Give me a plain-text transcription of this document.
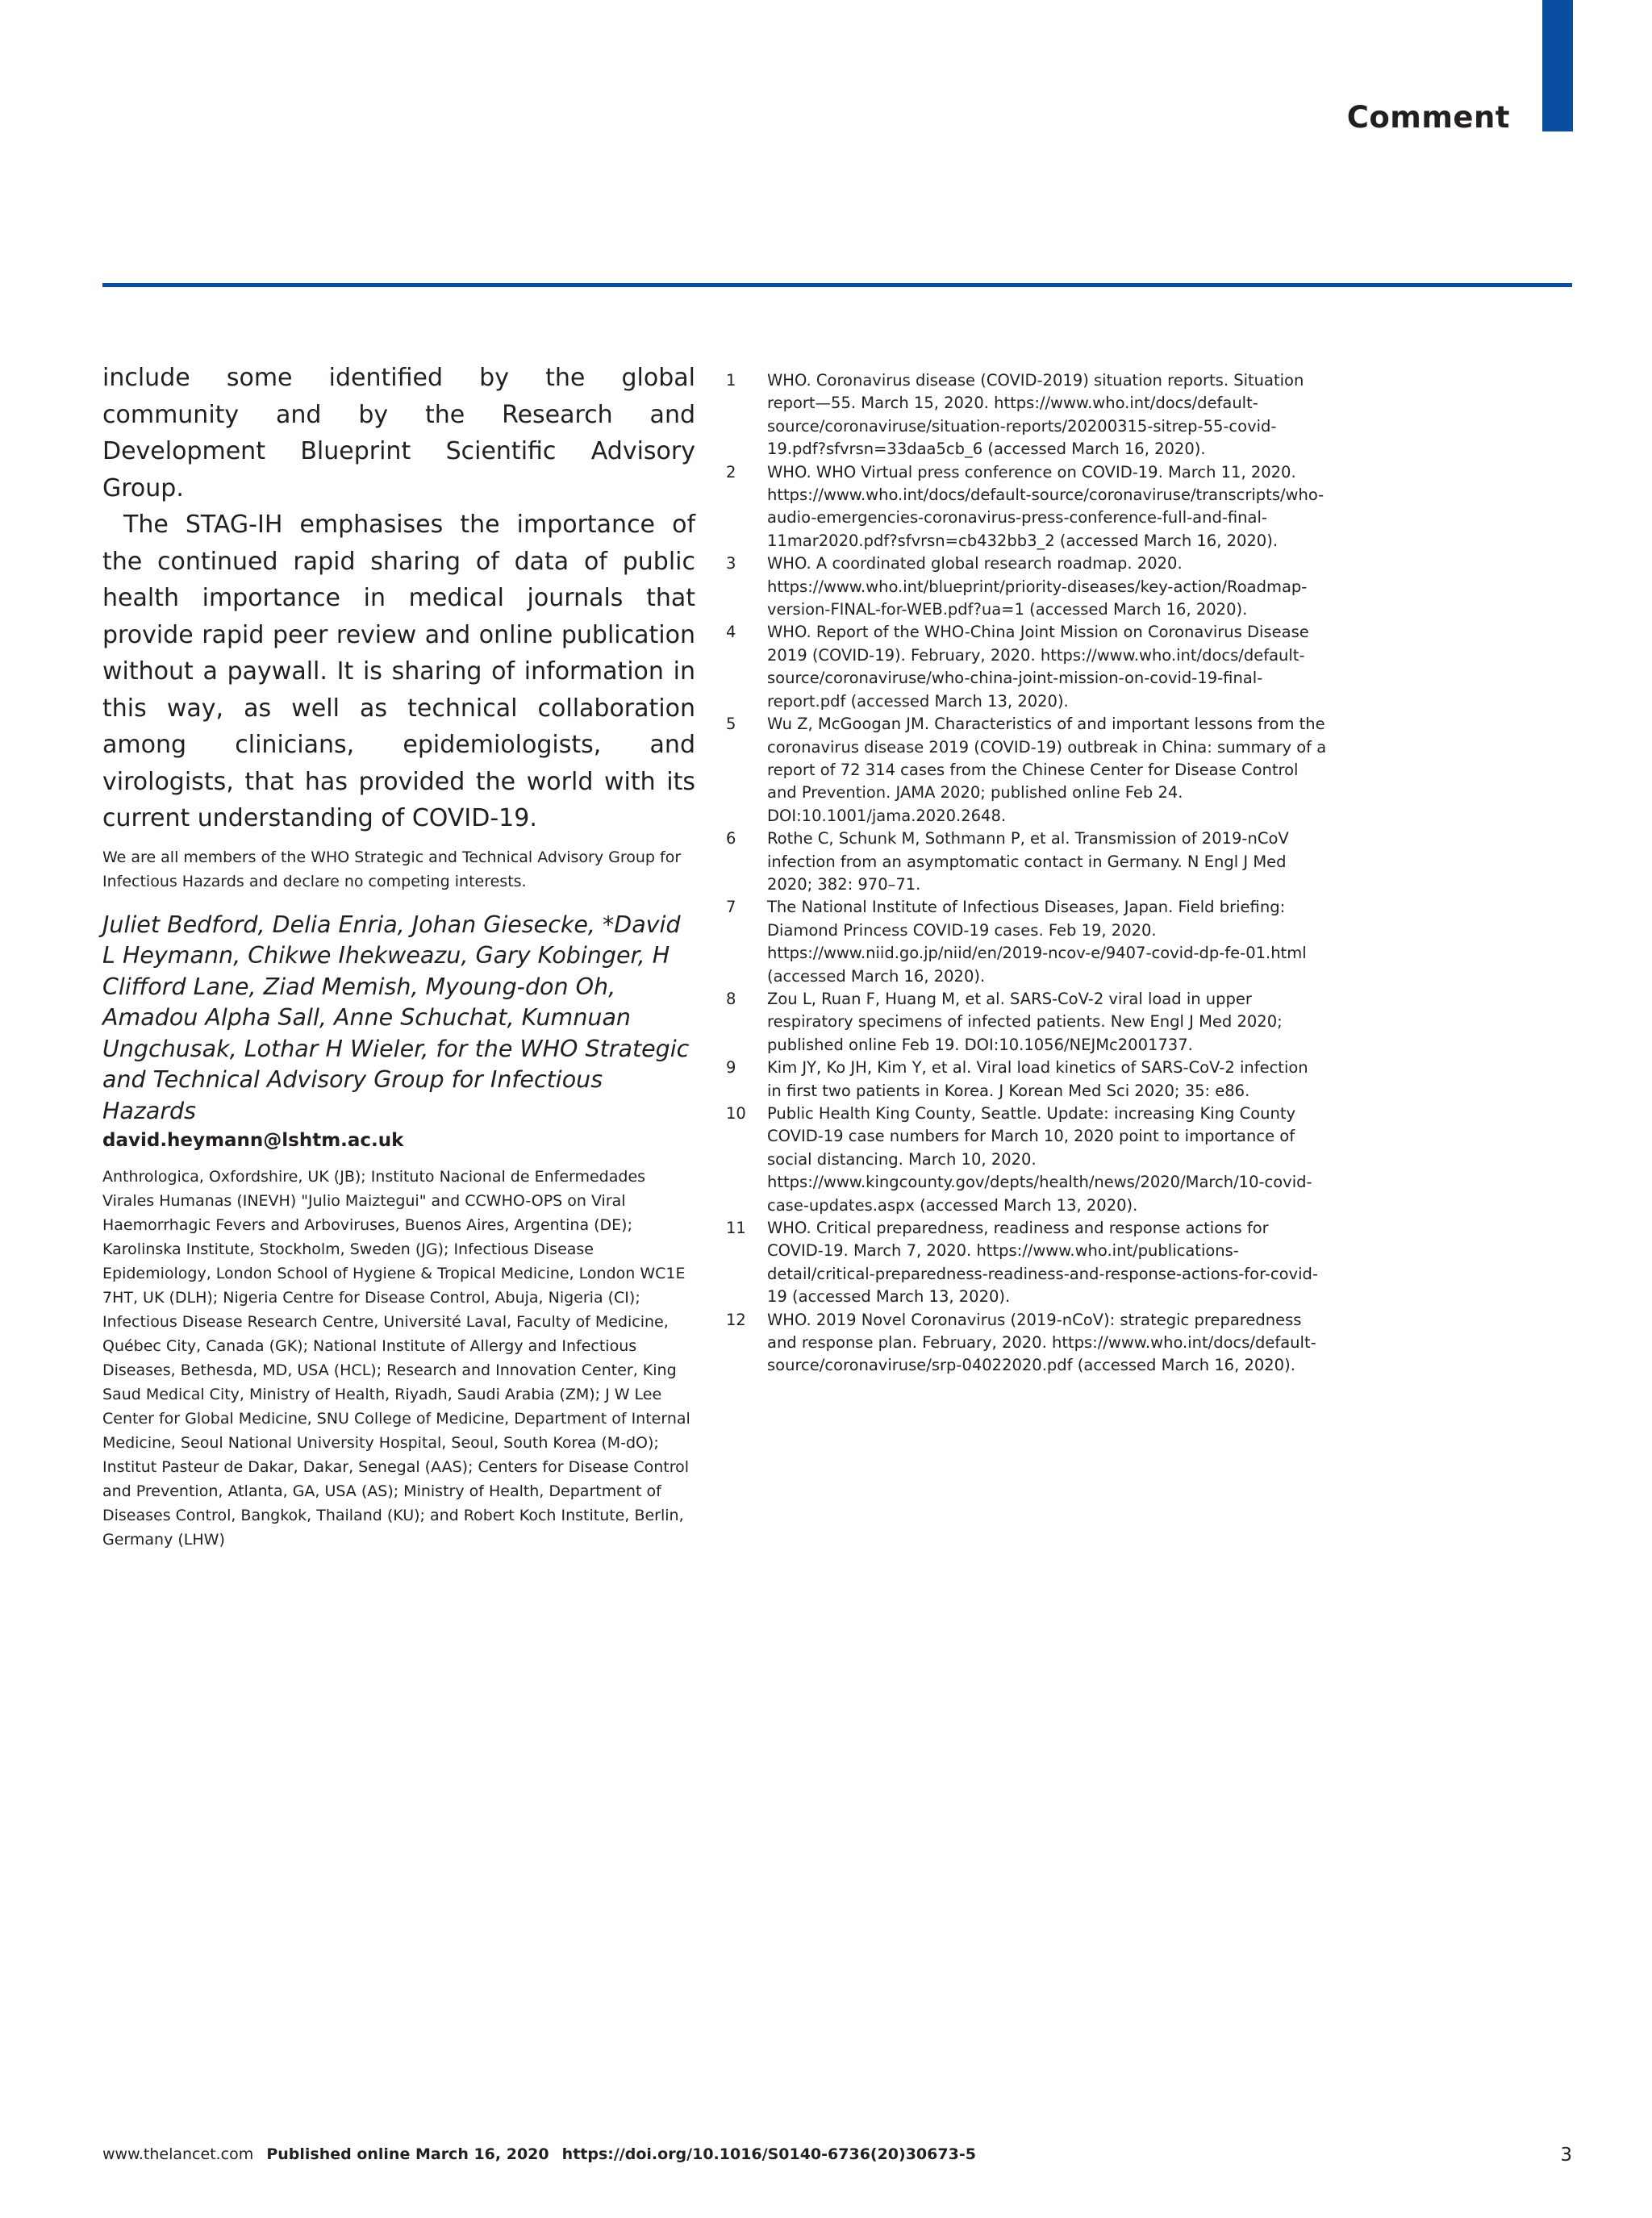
Comment

include some identified by the global community and by the Research and Development Blueprint Scientific Advisory Group.

The STAG-IH emphasises the importance of the continued rapid sharing of data of public health importance in medical journals that provide rapid peer review and online publication without a paywall. It is sharing of information in this way, as well as technical collaboration among clinicians, epidemiologists, and virologists, that has provided the world with its current understanding of COVID-19.

We are all members of the WHO Strategic and Technical Advisory Group for Infectious Hazards and declare no competing interests.

Juliet Bedford, Delia Enria, Johan Giesecke, *David L Heymann, Chikwe Ihekweazu, Gary Kobinger, H Clifford Lane, Ziad Memish, Myoung-don Oh, Amadou Alpha Sall, Anne Schuchat, Kumnuan Ungchusak, Lothar H Wieler, for the WHO Strategic and Technical Advisory Group for Infectious Hazards

david.heymann@lshtm.ac.uk

Anthrologica, Oxfordshire, UK (JB); Instituto Nacional de Enfermedades Virales Humanas (INEVH) "Julio Maiztegui" and CCWHO-OPS on Viral Haemorrhagic Fevers and Arboviruses, Buenos Aires, Argentina (DE); Karolinska Institute, Stockholm, Sweden (JG); Infectious Disease Epidemiology, London School of Hygiene & Tropical Medicine, London WC1E 7HT, UK (DLH); Nigeria Centre for Disease Control, Abuja, Nigeria (CI); Infectious Disease Research Centre, Université Laval, Faculty of Medicine, Québec City, Canada (GK); National Institute of Allergy and Infectious Diseases, Bethesda, MD, USA (HCL); Research and Innovation Center, King Saud Medical City, Ministry of Health, Riyadh, Saudi Arabia (ZM); J W Lee Center for Global Medicine, SNU College of Medicine, Department of Internal Medicine, Seoul National University Hospital, Seoul, South Korea (M-dO); Institut Pasteur de Dakar, Dakar, Senegal (AAS); Centers for Disease Control and Prevention, Atlanta, GA, USA (AS); Ministry of Health, Department of Diseases Control, Bangkok, Thailand (KU); and Robert Koch Institute, Berlin, Germany (LHW)

1	WHO. Coronavirus disease (COVID-2019) situation reports. Situation report—55. March 15, 2020. https://www.who.int/docs/default-source/coronaviruse/situation-reports/20200315-sitrep-55-covid-19.pdf?sfvrsn=33daa5cb_6 (accessed March 16, 2020).
2	WHO. WHO Virtual press conference on COVID-19. March 11, 2020. https://www.who.int/docs/default-source/coronaviruse/transcripts/who-audio-emergencies-coronavirus-press-conference-full-and-final-11mar2020.pdf?sfvrsn=cb432bb3_2 (accessed March 16, 2020).
3	WHO. A coordinated global research roadmap. 2020. https://www.who.int/blueprint/priority-diseases/key-action/Roadmap-version-FINAL-for-WEB.pdf?ua=1 (accessed March 16, 2020).
4	WHO. Report of the WHO-China Joint Mission on Coronavirus Disease 2019 (COVID-19). February, 2020. https://www.who.int/docs/default-source/coronaviruse/who-china-joint-mission-on-covid-19-final-report.pdf (accessed March 13, 2020).
5	Wu Z, McGoogan JM. Characteristics of and important lessons from the coronavirus disease 2019 (COVID-19) outbreak in China: summary of a report of 72 314 cases from the Chinese Center for Disease Control and Prevention. JAMA 2020; published online Feb 24. DOI:10.1001/jama.2020.2648.
6	Rothe C, Schunk M, Sothmann P, et al. Transmission of 2019-nCoV infection from an asymptomatic contact in Germany. N Engl J Med 2020; 382: 970–71.
7	The National Institute of Infectious Diseases, Japan. Field briefing: Diamond Princess COVID-19 cases. Feb 19, 2020. https://www.niid.go.jp/niid/en/2019-ncov-e/9407-covid-dp-fe-01.html (accessed March 16, 2020).
8	Zou L, Ruan F, Huang M, et al. SARS-CoV-2 viral load in upper respiratory specimens of infected patients. New Engl J Med 2020; published online Feb 19. DOI:10.1056/NEJMc2001737.
9	Kim JY, Ko JH, Kim Y, et al. Viral load kinetics of SARS-CoV-2 infection in first two patients in Korea. J Korean Med Sci 2020; 35: e86.
10	Public Health King County, Seattle. Update: increasing King County COVID-19 case numbers for March 10, 2020 point to importance of social distancing. March 10, 2020. https://www.kingcounty.gov/depts/health/news/2020/March/10-covid-case-updates.aspx (accessed March 13, 2020).
11	WHO. Critical preparedness, readiness and response actions for COVID-19. March 7, 2020. https://www.who.int/publications-detail/critical-preparedness-readiness-and-response-actions-for-covid-19 (accessed March 13, 2020).
12	WHO. 2019 Novel Coronavirus (2019-nCoV): strategic preparedness and response plan. February, 2020. https://www.who.int/docs/default-source/coronaviruse/srp-04022020.pdf (accessed March 16, 2020).
www.thelancet.com Published online March 16, 2020 https://doi.org/10.1016/S0140-6736(20)30673-5	3
